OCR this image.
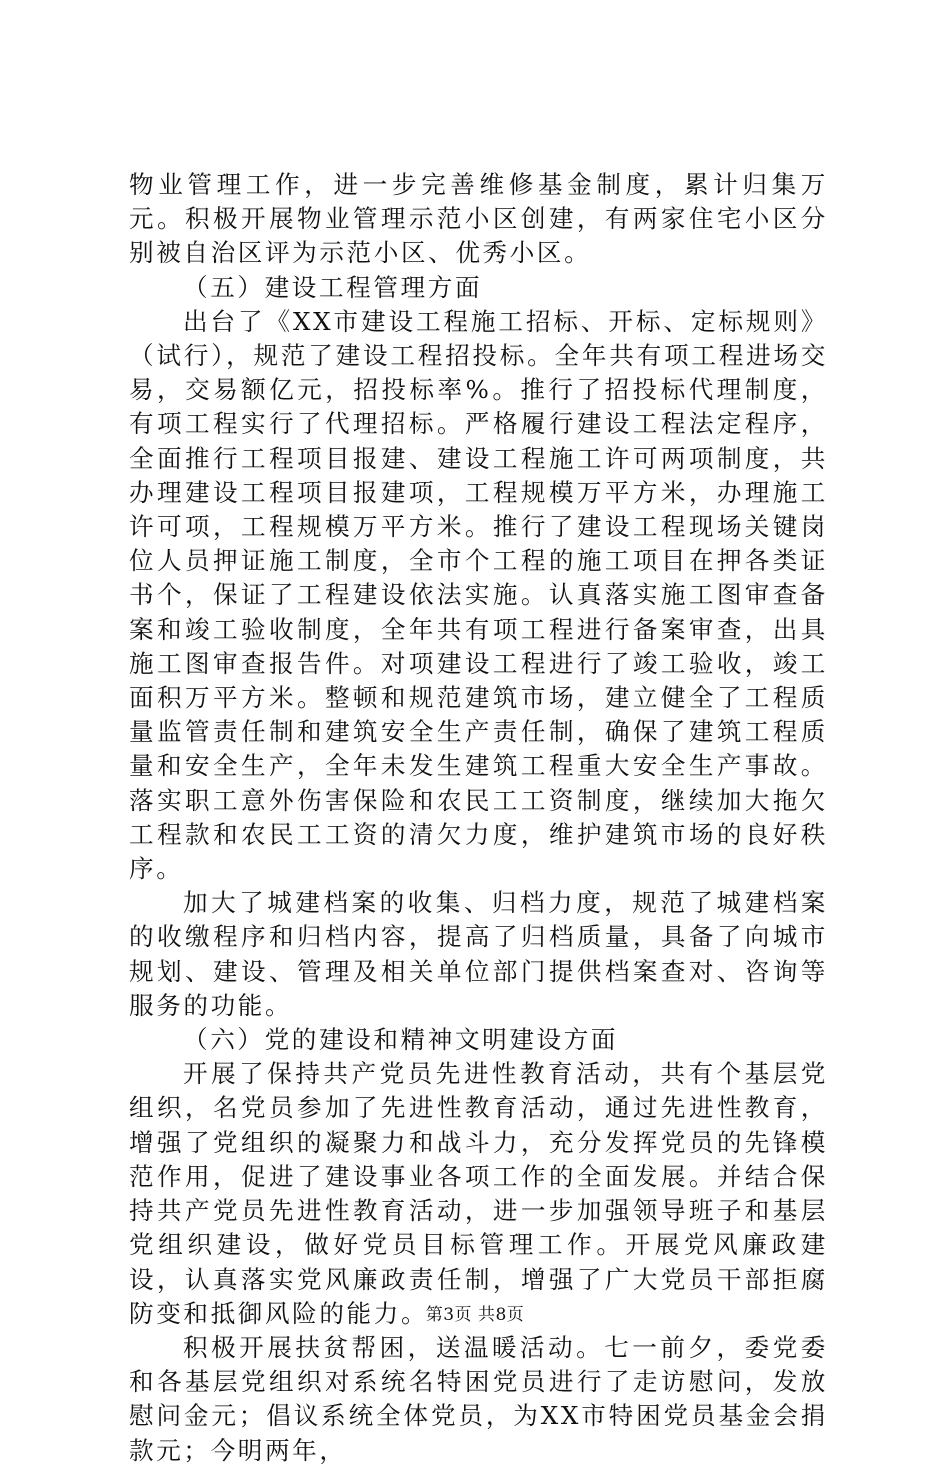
物业管理工作，进一步完善维修基金制度，累计归集万元。积极开展物业管理示范小区创建，有两家住宅小区分别被自治区评为示范小区、优秀小区。

（五）建设工程管理方面

出台了《XX市建设工程施工招标、开标、定标规则》（试行），规范了建设工程招投标。全年共有项工程进场交易，交易额亿元，招投标率%。推行了招投标代理制度，有项工程实行了代理招标。严格履行建设工程法定程序，全面推行工程项目报建、建设工程施工许可两项制度，共办理建设工程项目报建项，工程规模万平方米，办理施工许可项，工程规模万平方米。推行了建设工程现场关键岗位人员押证施工制度，全市个工程的施工项目在押各类证书个，保证了工程建设依法实施。认真落实施工图审查备案和竣工验收制度，全年共有项工程进行备案审查，出具施工图审查报告件。对项建设工程进行了竣工验收，竣工面积万平方米。整顿和规范建筑市场，建立健全了工程质量监管责任制和建筑安全生产责任制，确保了建筑工程质量和安全生产，全年未发生建筑工程重大安全生产事故。落实职工意外伤害保险和农民工工资制度，继续加大拖欠工程款和农民工工资的清欠力度，维护建筑市场的良好秩序。

加大了城建档案的收集、归档力度，规范了城建档案的收缴程序和归档内容，提高了归档质量，具备了向城市规划、建设、管理及相关单位部门提供档案查对、咨询等服务的功能。

（六）党的建设和精神文明建设方面

开展了保持共产党员先进性教育活动，共有个基层党组织，名党员参加了先进性教育活动，通过先进性教育，增强了党组织的凝聚力和战斗力，充分发挥党员的先锋模范作用，促进了建设事业各项工作的全面发展。并结合保持共产党员先进性教育活动，进一步加强领导班子和基层党组织建设，做好党员目标管理工作。开展党风廉政建设，认真落实党风廉政责任制，增强了广大党员干部拒腐防变和抵御风险的能力。

积极开展扶贫帮困，送温暖活动。七一前夕，委党委和各基层党组织对系统名特困党员进行了走访慰问，发放慰问金元；倡议系统全体党员，为XX市特困党员基金会捐款元；今明两年，

第3页 共8页
